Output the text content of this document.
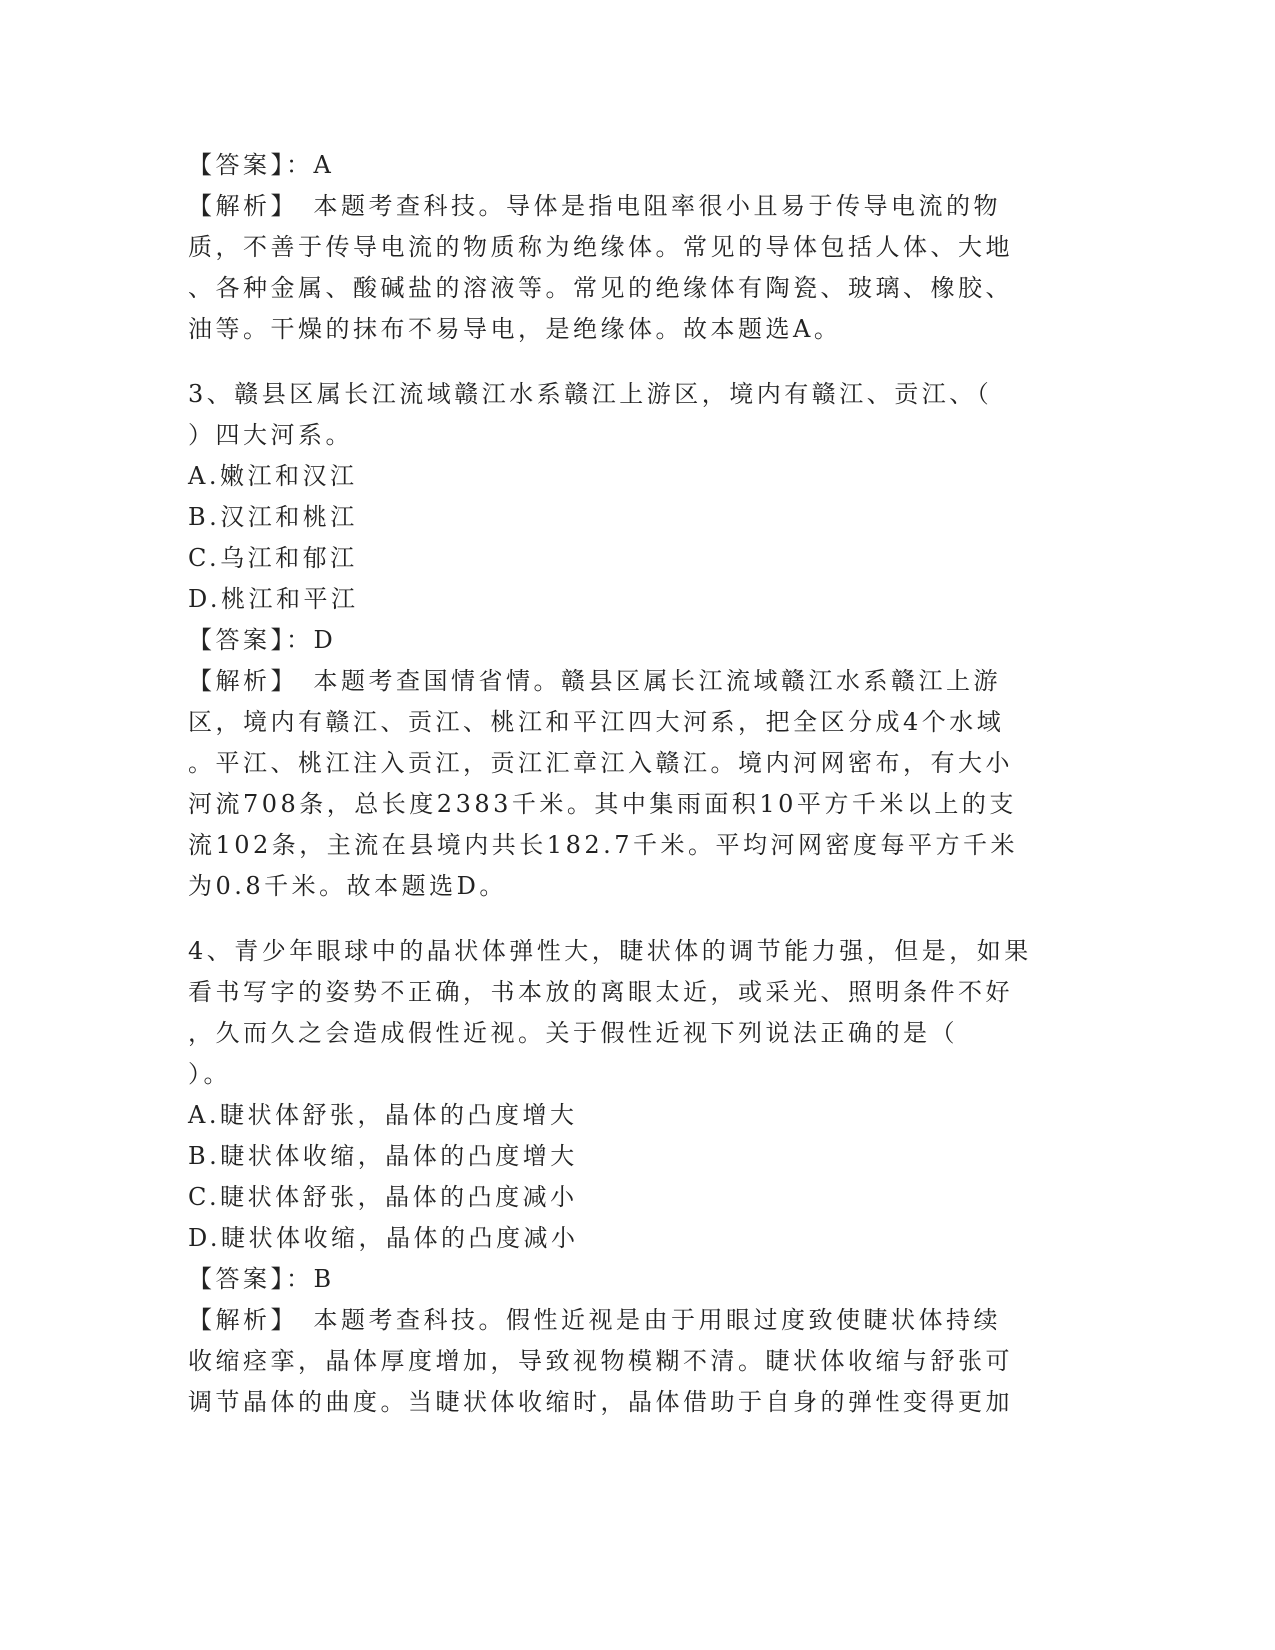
【答案】：A
【解析】　本题考查科技。导体是指电阻率很小且易于传导电流的物
质，不善于传导电流的物质称为绝缘体。常见的导体包括人体、大地
、各种金属、酸碱盐的溶液等。常见的绝缘体有陶瓷、玻璃、橡胶、
油等。干燥的抹布不易导电，是绝缘体。故本题选A。
3、赣县区属长江流域赣江水系赣江上游区，境内有赣江、贡江、（
）四大河系。
A.嫩江和汉江
B.汉江和桃江
C.乌江和郁江
D.桃江和平江
【答案】：D
【解析】　本题考查国情省情。赣县区属长江流域赣江水系赣江上游
区，境内有赣江、贡江、桃江和平江四大河系，把全区分成4个水域
。平江、桃江注入贡江，贡江汇章江入赣江。境内河网密布，有大小
河流708条，总长度2383千米。其中集雨面积10平方千米以上的支
流102条，主流在县境内共长182.7千米。平均河网密度每平方千米
为0.8千米。故本题选D。
4、青少年眼球中的晶状体弹性大，睫状体的调节能力强，但是，如果
看书写字的姿势不正确，书本放的离眼太近，或采光、照明条件不好
，久而久之会造成假性近视。关于假性近视下列说法正确的是（
）。
A.睫状体舒张，晶体的凸度增大
B.睫状体收缩，晶体的凸度增大
C.睫状体舒张，晶体的凸度减小
D.睫状体收缩，晶体的凸度减小
【答案】：B
【解析】　本题考查科技。假性近视是由于用眼过度致使睫状体持续
收缩痉挛，晶体厚度增加，导致视物模糊不清。睫状体收缩与舒张可
调节晶体的曲度。当睫状体收缩时，晶体借助于自身的弹性变得更加
